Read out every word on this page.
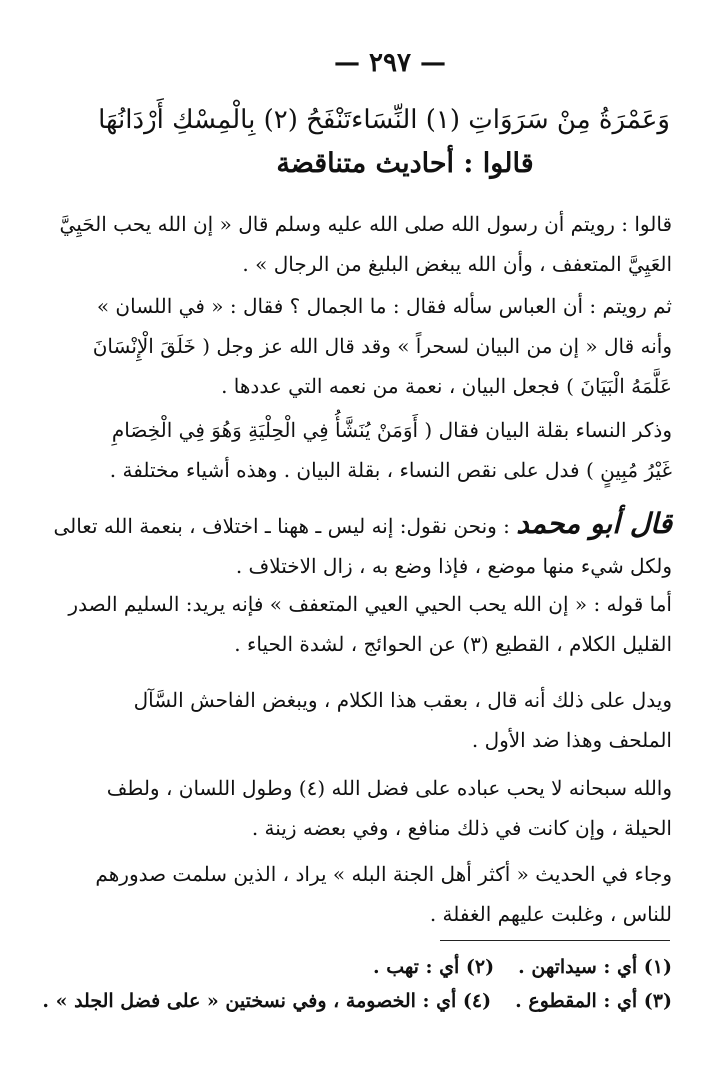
— ٢٩٧ —
وَعَمْرَةُ مِنْ سَرَوَاتِ (١) النِّسَا
ء
تَنْفَحُ (٢) بِالْمِسْكِ أَرْدَانُهَا
قالوا : أحاديث متناقضة
قالوا : رويتم أن رسول الله صلى الله عليه وسلم قال « إن الله يحب الحَيِيَّ
العَيِيَّ المتعفف ، وأن الله يبغض البليغ من الرجال » .
ثم رويتم : أن العباس سأله فقال : ما الجمال ؟ فقال : « في اللسان »
وأنه قال « إن من البيان لسحراً » وقد قال الله عز وجل ( خَلَقَ الْإِنْسَانَ
عَلَّمَهُ الْبَيَانَ ) فجعل البيان ، نعمة من نعمه التي عددها .
وذكر النساء بقلة البيان فقال ( أَوَمَنْ يُنَشَّأُ فِي الْحِلْيَةِ وَهُوَ فِي الْخِصَامِ
غَيْرُ مُبِينٍ ) فدل على نقص النساء ، بقلة البيان . وهذه أشياء مختلفة .
قال أبو محمد : ونحن نقول: إنه ليس ـ ههنا ـ اختلاف ، بنعمة الله تعالى
ولكل شيء منها موضع ، فإذا وضع به ، زال الاختلاف .
أما قوله : « إن الله يحب الحيي العيي المتعفف » فإنه يريد: السليم الصدر
القليل الكلام ، القطيع (٣) عن الحوائج ، لشدة الحياء .
ويدل على ذلك أنه قال ، بعقب هذا الكلام ، ويبغض الفاحش السَّآل
الملحف وهذا ضد الأول .
والله سبحانه لا يحب عباده على فضل الله (٤) وطول اللسان ، ولطف
الحيلة ، وإن كانت في ذلك منافع ، وفي بعضه زينة .
وجاء في الحديث « أكثر أهل الجنة البله » يراد ، الذين سلمت صدورهم
للناس ، وغلبت عليهم الغفلة .
(١) أي : سيداتهن .(٢) أي : تهب .
(٣) أي : المقطوع .(٤) أي : الخصومة ، وفي نسختين « على فضل الجلد » .
